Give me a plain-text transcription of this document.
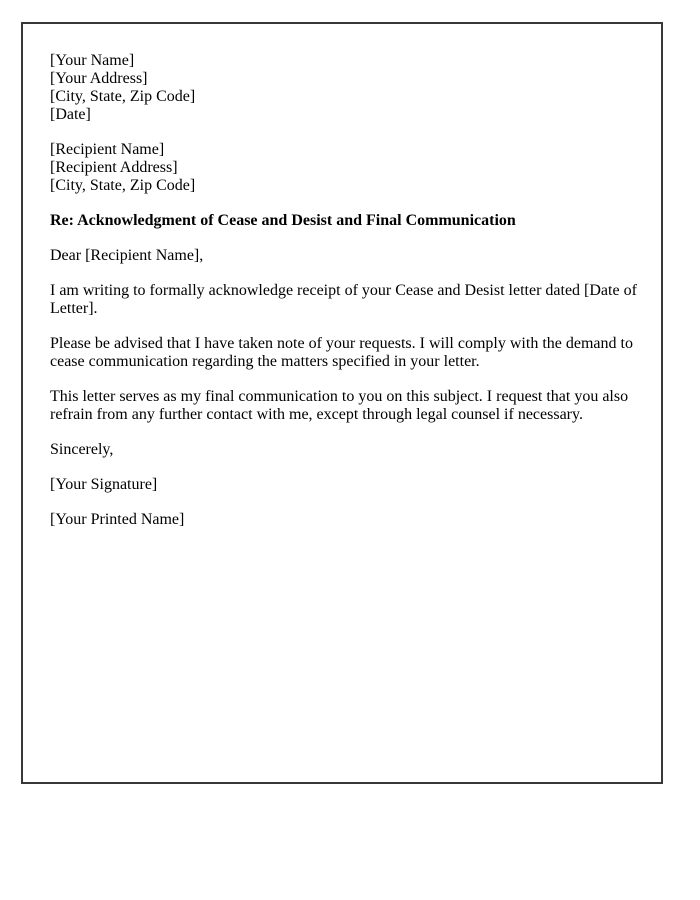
[Your Name]
[Your Address]
[City, State, Zip Code]
[Date]
[Recipient Name]
[Recipient Address]
[City, State, Zip Code]
Re: Acknowledgment of Cease and Desist and Final Communication
Dear [Recipient Name],
I am writing to formally acknowledge receipt of your Cease and Desist letter dated [Date of Letter].
Please be advised that I have taken note of your requests. I will comply with the demand to cease communication regarding the matters specified in your letter.
This letter serves as my final communication to you on this subject. I request that you also refrain from any further contact with me, except through legal counsel if necessary.
Sincerely,
[Your Signature]
[Your Printed Name]
